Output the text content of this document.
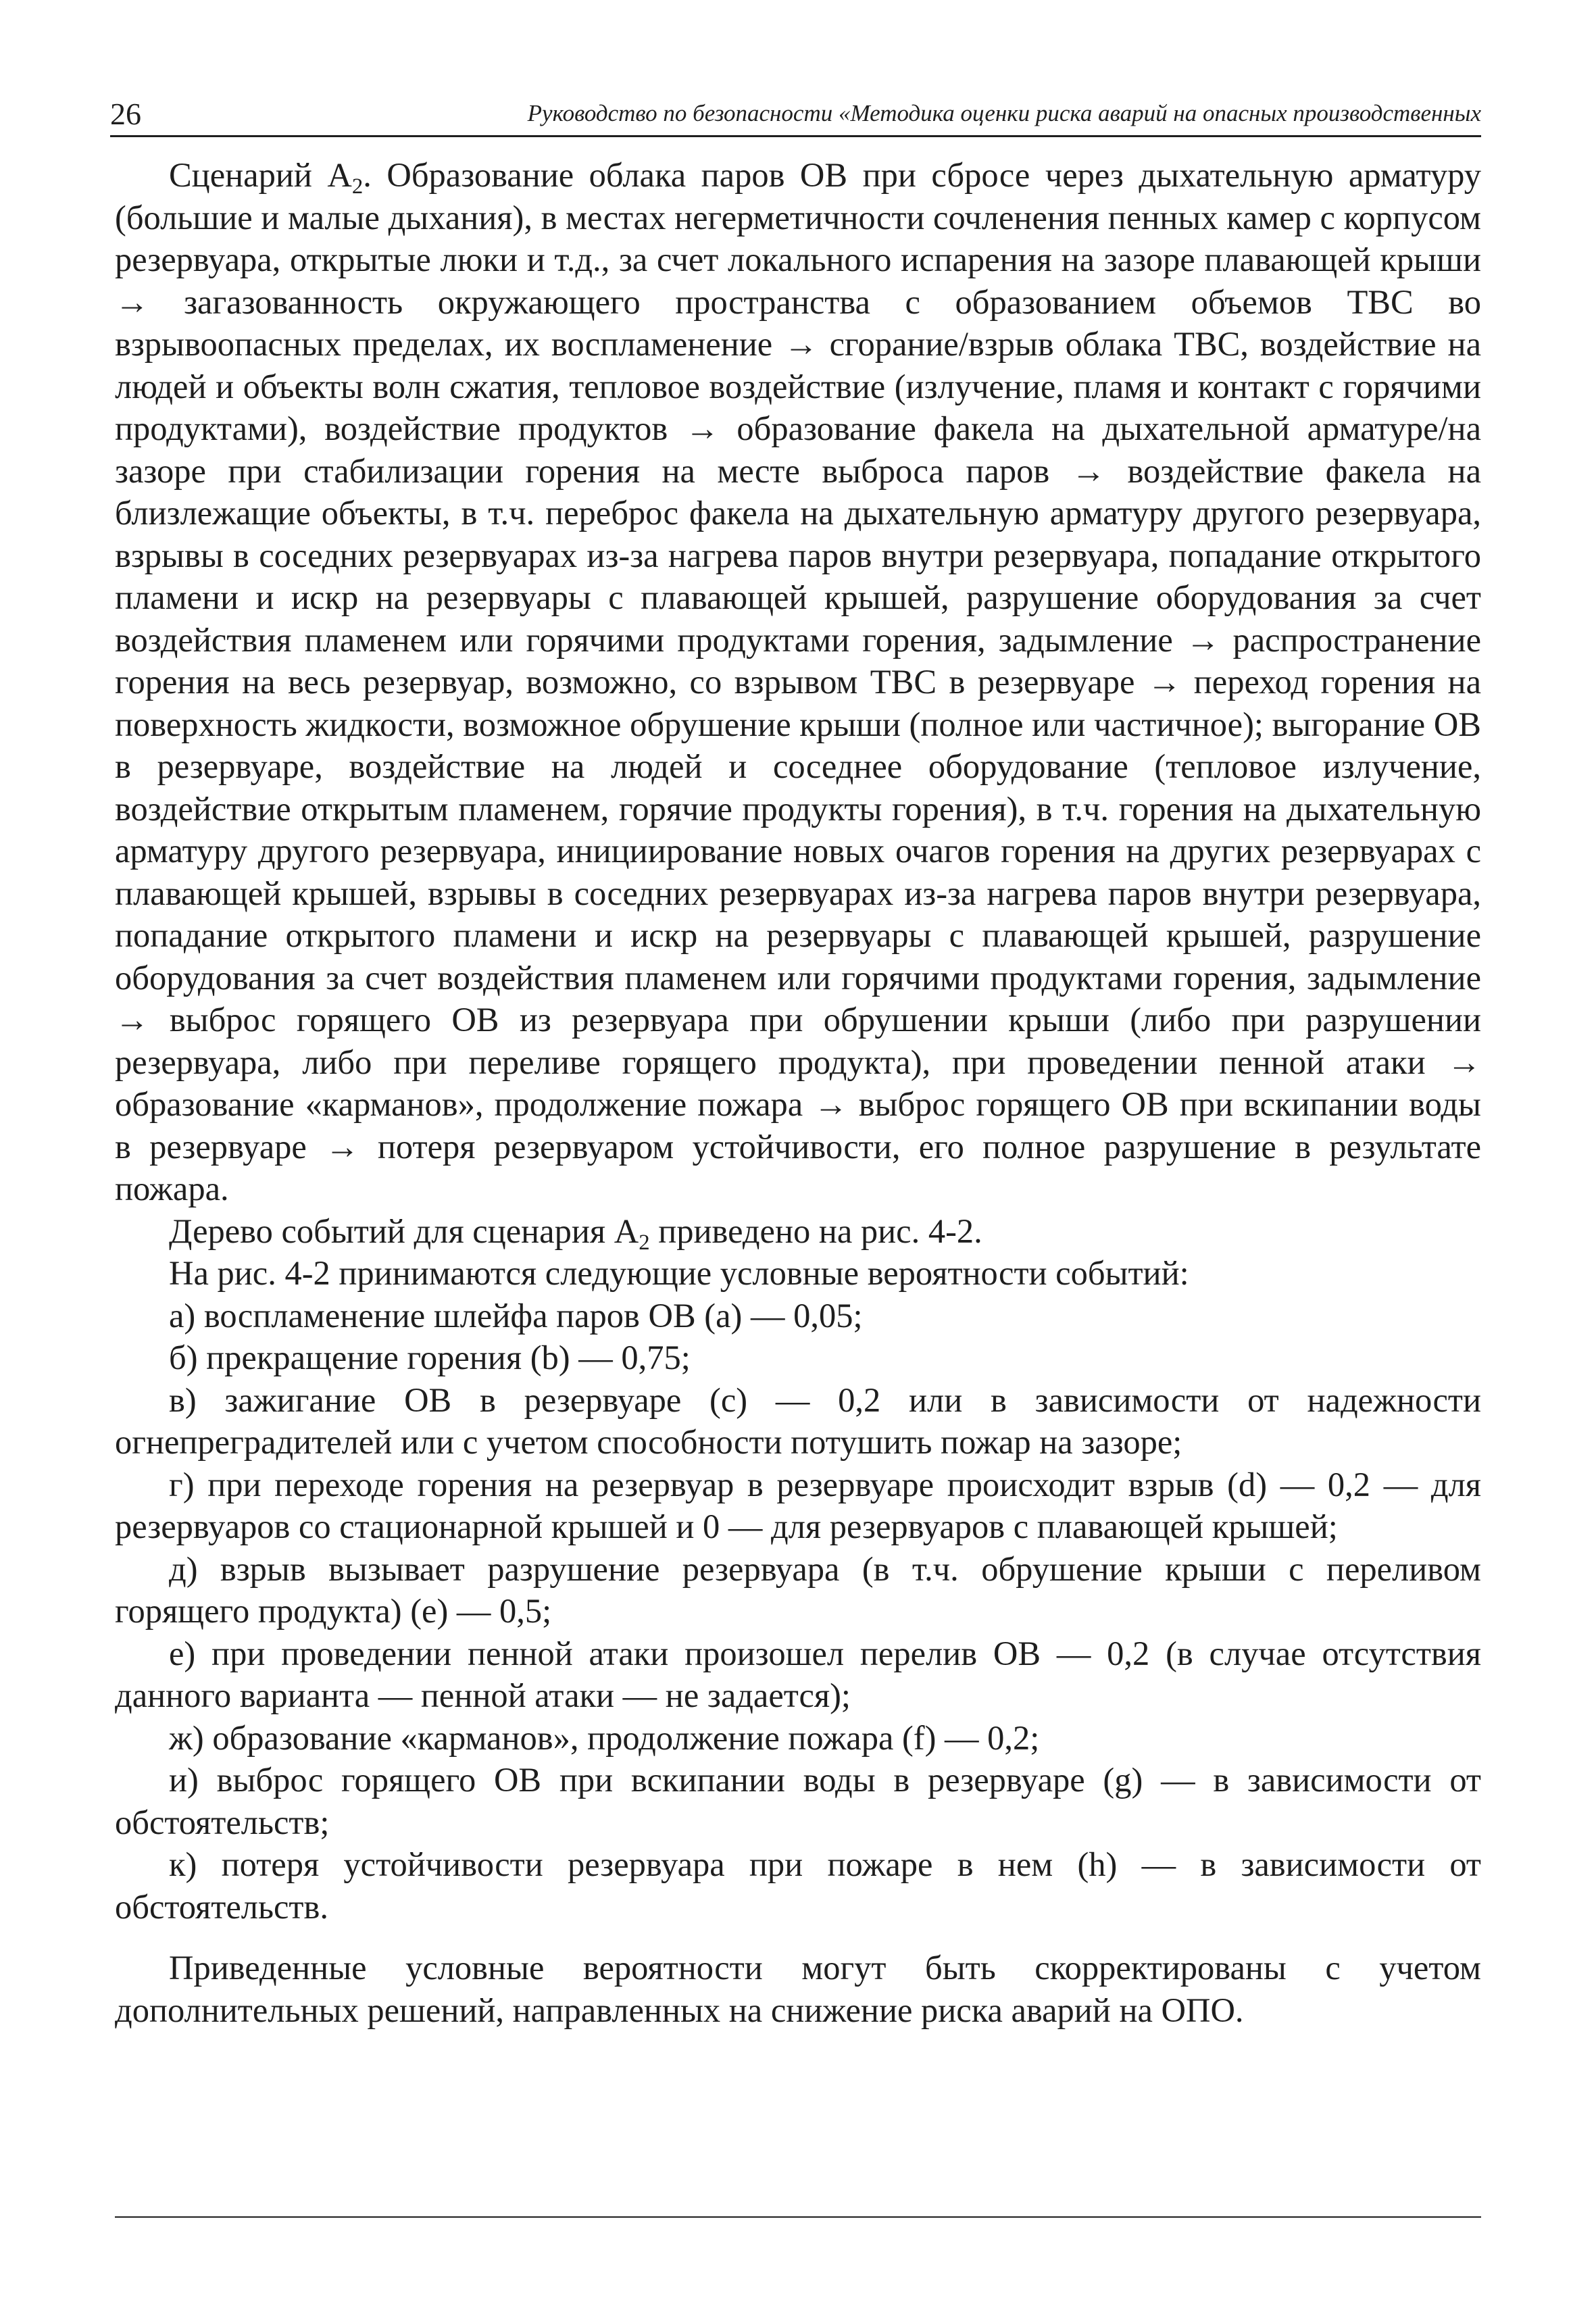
26	Руководство по безопасности «Методика оценки риска аварий на опасных производственных

Сценарий $А_2$. Образование облака паров ОВ при сбросе через дыхательную арматуру (большие и малые дыхания), в местах негерметичности сочленения пенных камер с корпусом резервуара, открытые люки и т.д., за счет локального испарения на зазоре плавающей крыши → загазованность окружающего пространства с образованием объемов ТВС во взрывоопасных пределах, их воспламенение → сгорание/взрыв облака ТВС, воздействие на людей и объекты волн сжатия, тепловое воздействие (излучение, пламя и контакт с горячими продуктами), воздействие продуктов → образование факела на дыхательной арматуре/на зазоре при стабилизации горения на месте выброса паров → воздействие факела на близлежащие объекты, в т.ч. переброс факела на дыхательную арматуру другого резервуара, взрывы в соседних резервуарах из-за нагрева паров внутри резервуара, попадание открытого пламени и искр на резервуары с плавающей крышей, разрушение оборудования за счет воздействия пламенем или горячими продуктами горения, задымление → распространение горения на весь резервуар, возможно, со взрывом ТВС в резервуаре → переход горения на поверхность жидкости, возможное обрушение крыши (полное или частичное); выгорание ОВ в резервуаре, воздействие на людей и соседнее оборудование (тепловое излучение, воздействие открытым пламенем, горячие продукты горения), в т.ч. горения на дыхательную арматуру другого резервуара, инициирование новых очагов горения на других резервуарах с плавающей крышей, взрывы в соседних резервуарах из-за нагрева паров внутри резервуара, попадание открытого пламени и искр на резервуары с плавающей крышей, разрушение оборудования за счет воздействия пламенем или горячими продуктами горения, задымление → выброс горящего ОВ из резервуара при обрушении крыши (либо при разрушении резервуара, либо при переливе горящего продукта), при проведении пенной атаки → образование «карманов», продолжение пожара → выброс горящего ОВ при вскипании воды в резервуаре → потеря резервуаром устойчивости, его полное разрушение в результате пожара.

Дерево событий для сценария $А_2$ приведено на рис. 4-2.

На рис. 4-2 принимаются следующие условные вероятности событий:

а) воспламенение шлейфа паров ОВ (a) — 0,05;

б) прекращение горения (b) — 0,75;

в) зажигание ОВ в резервуаре (c) — 0,2 или в зависимости от надежности огнепреградителей или с учетом способности потушить пожар на зазоре;

г) при переходе горения на резервуар в резервуаре происходит взрыв (d) — 0,2 — для резервуаров со стационарной крышей и 0 — для резервуаров с плавающей крышей;

д) взрыв вызывает разрушение резервуара (в т.ч. обрушение крыши с переливом горящего продукта) (e) — 0,5;

е) при проведении пенной атаки произошел перелив ОВ — 0,2 (в случае отсутствия данного варианта — пенной атаки — не задается);

ж) образование «карманов», продолжение пожара (f) — 0,2;

и) выброс горящего ОВ при вскипании воды в резервуаре (g) — в зависимости от обстоятельств;

к) потеря устойчивости резервуара при пожаре в нем (h) — в зависимости от обстоятельств.

Приведенные условные вероятности могут быть скорректированы с учетом дополнительных решений, направленных на снижение риска аварий на ОПО.
